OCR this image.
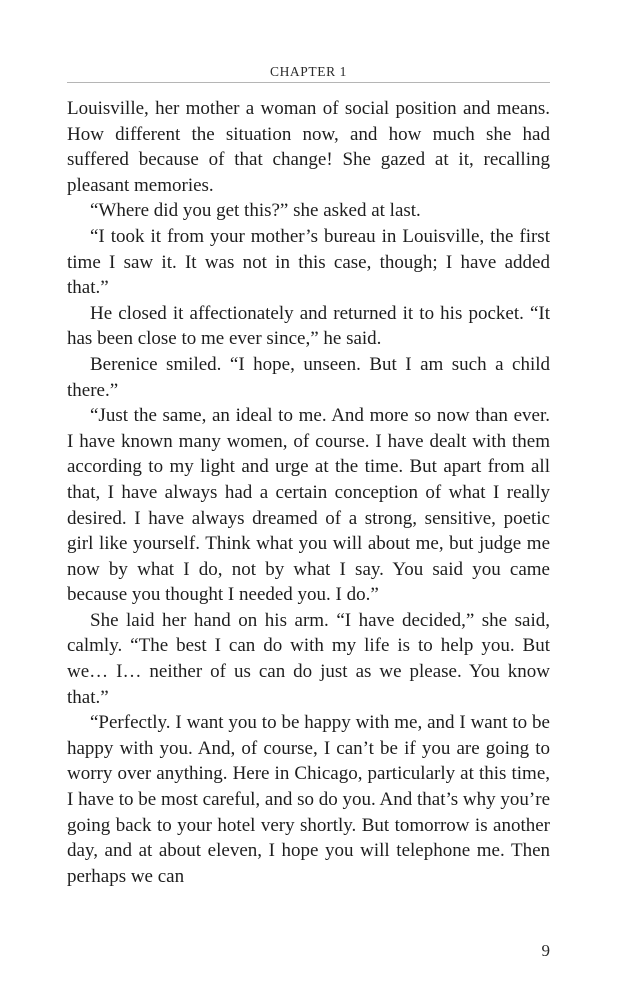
CHAPTER 1

Louisville, her mother a woman of social position and means. How different the situation now, and how much she had suffered because of that change! She gazed at it, recalling pleasant memories.

“Where did you get this?” she asked at last.

“I took it from your mother’s bureau in Louisville, the first time I saw it. It was not in this case, though; I have added that.”

He closed it affectionately and returned it to his pocket. “It has been close to me ever since,” he said.

Berenice smiled. “I hope, unseen. But I am such a child there.”

“Just the same, an ideal to me. And more so now than ever. I have known many women, of course. I have dealt with them according to my light and urge at the time. But apart from all that, I have always had a certain conception of what I really desired. I have always dreamed of a strong, sensitive, poetic girl like yourself. Think what you will about me, but judge me now by what I do, not by what I say. You said you came because you thought I needed you. I do.”

She laid her hand on his arm. “I have decided,” she said, calmly. “The best I can do with my life is to help you. But we… I… neither of us can do just as we please. You know that.”

“Perfectly. I want you to be happy with me, and I want to be happy with you. And, of course, I can’t be if you are going to worry over anything. Here in Chicago, particularly at this time, I have to be most careful, and so do you. And that’s why you’re going back to your hotel very shortly. But tomorrow is another day, and at about eleven, I hope you will telephone me. Then perhaps we can

9
